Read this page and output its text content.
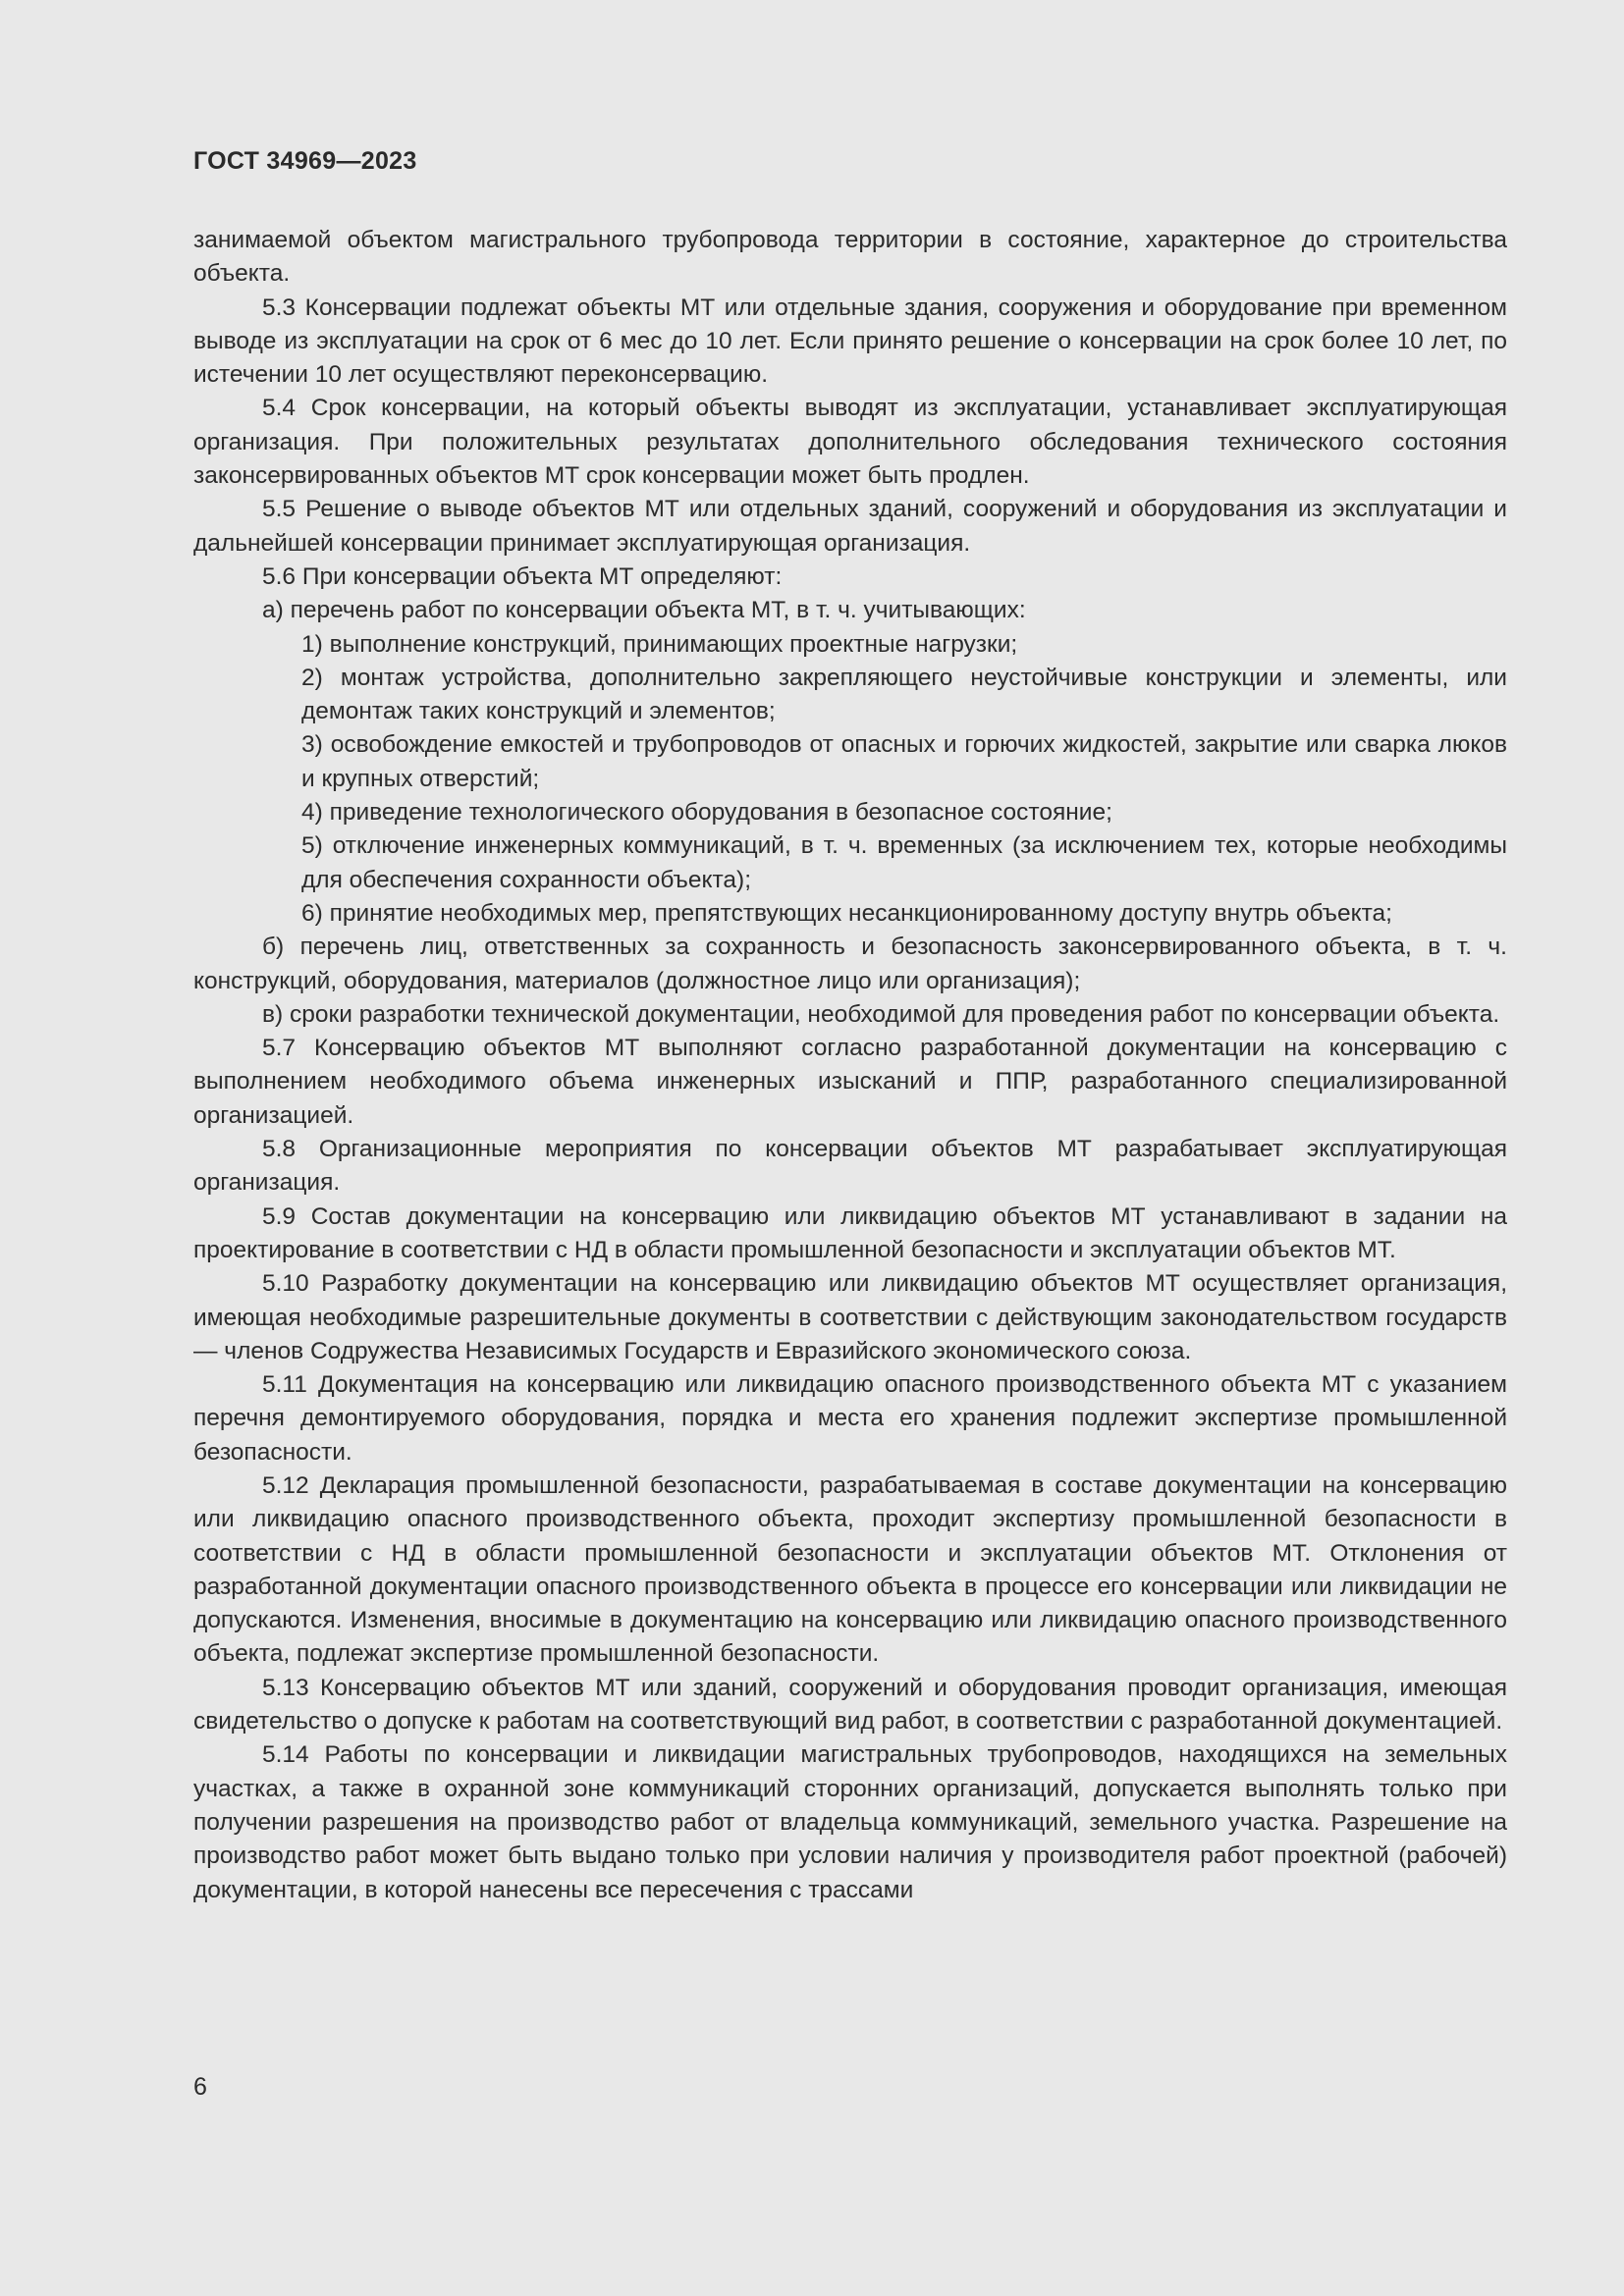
ГОСТ 34969—2023

занимаемой объектом магистрального трубопровода территории в состояние, характерное до строительства объекта.

5.3 Консервации подлежат объекты МТ или отдельные здания, сооружения и оборудование при временном выводе из эксплуатации на срок от 6 мес до 10 лет. Если принято решение о консервации на срок более 10 лет, по истечении 10 лет осуществляют переконсервацию.

5.4 Срок консервации, на который объекты выводят из эксплуатации, устанавливает эксплуатирующая организация. При положительных результатах дополнительного обследования технического состояния законсервированных объектов МТ срок консервации может быть продлен.

5.5 Решение о выводе объектов МТ или отдельных зданий, сооружений и оборудования из эксплуатации и дальнейшей консервации принимает эксплуатирующая организация.

5.6 При консервации объекта МТ определяют:

а) перечень работ по консервации объекта МТ, в т. ч. учитывающих:

1) выполнение конструкций, принимающих проектные нагрузки;

2) монтаж устройства, дополнительно закрепляющего неустойчивые конструкции и элементы, или демонтаж таких конструкций и элементов;

3) освобождение емкостей и трубопроводов от опасных и горючих жидкостей, закрытие или сварка люков и крупных отверстий;

4) приведение технологического оборудования в безопасное состояние;

5) отключение инженерных коммуникаций, в т. ч. временных (за исключением тех, которые необходимы для обеспечения сохранности объекта);

6) принятие необходимых мер, препятствующих несанкционированному доступу внутрь объекта;

б) перечень лиц, ответственных за сохранность и безопасность законсервированного объекта, в т. ч. конструкций, оборудования, материалов (должностное лицо или организация);

в) сроки разработки технической документации, необходимой для проведения работ по консервации объекта.

5.7 Консервацию объектов МТ выполняют согласно разработанной документации на консервацию с выполнением необходимого объема инженерных изысканий и ППР, разработанного специализированной организацией.

5.8 Организационные мероприятия по консервации объектов МТ разрабатывает эксплуатирующая организация.

5.9 Состав документации на консервацию или ликвидацию объектов МТ устанавливают в задании на проектирование в соответствии с НД в области промышленной безопасности и эксплуатации объектов МТ.

5.10 Разработку документации на консервацию или ликвидацию объектов МТ осуществляет организация, имеющая необходимые разрешительные документы в соответствии с действующим законодательством государств — членов Содружества Независимых Государств и Евразийского экономического союза.

5.11 Документация на консервацию или ликвидацию опасного производственного объекта МТ с указанием перечня демонтируемого оборудования, порядка и места его хранения подлежит экспертизе промышленной безопасности.

5.12 Декларация промышленной безопасности, разрабатываемая в составе документации на консервацию или ликвидацию опасного производственного объекта, проходит экспертизу промышленной безопасности в соответствии с НД в области промышленной безопасности и эксплуатации объектов МТ. Отклонения от разработанной документации опасного производственного объекта в процессе его консервации или ликвидации не допускаются. Изменения, вносимые в документацию на консервацию или ликвидацию опасного производственного объекта, подлежат экспертизе промышленной безопасности.

5.13 Консервацию объектов МТ или зданий, сооружений и оборудования проводит организация, имеющая свидетельство о допуске к работам на соответствующий вид работ, в соответствии с разработанной документацией.

5.14 Работы по консервации и ликвидации магистральных трубопроводов, находящихся на земельных участках, а также в охранной зоне коммуникаций сторонних организаций, допускается выполнять только при получении разрешения на производство работ от владельца коммуникаций, земельного участка. Разрешение на производство работ может быть выдано только при условии наличия у производителя работ проектной (рабочей) документации, в которой нанесены все пересечения с трассами

6
